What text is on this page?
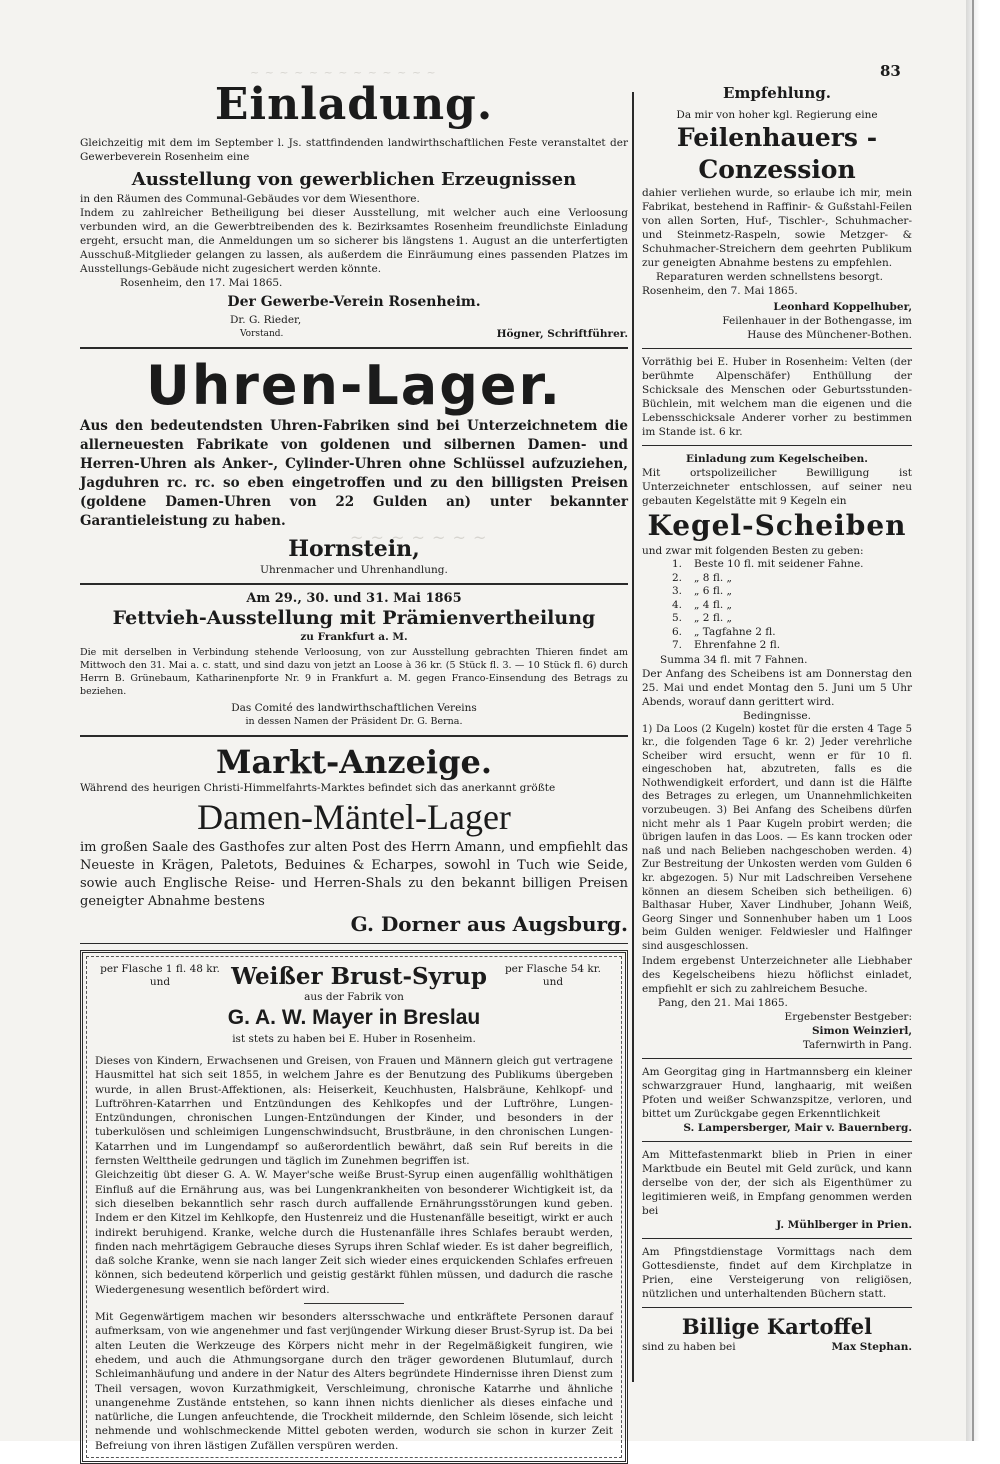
~ ~ ~ ~ ~ ~ ~ ~ ~ ~ ~ ~ ~
~ ~ ~ ~ ~ ~ ~
83
Einladung.
Gleichzeitig mit dem im September l. Js. stattfindenden landwirthschaftlichen Feste veranstaltet der Gewerbeverein Rosenheim eine
Ausstellung von gewerblichen Erzeugnissen
in den Räumen des Communal-Gebäudes vor dem Wiesenthore.
Indem zu zahlreicher Betheiligung bei dieser Ausstellung, mit welcher auch eine Verloosung verbunden wird, an die Gewerbtreibenden des k. Bezirksamtes Rosenheim freundlichste Einladung ergeht, ersucht man, die Anmeldungen um so sicherer bis längstens 1. August an die unterfertigten Ausschuß-Mitglieder gelangen zu lassen, als außerdem die Einräumung eines passenden Platzes im Ausstellungs-Gebäude nicht zugesichert werden könnte.
Rosenheim, den 17. Mai 1865.
Der Gewerbe-Verein Rosenheim.
Dr. G. Rieder,
Vorstand.	Högner, Schriftführer.
Uhren-Lager.
Aus den bedeutendsten Uhren-Fabriken sind bei Unterzeichnetem die allerneuesten Fabrikate von goldenen und silbernen Damen- und Herren-Uhren als Anker-, Cylinder-Uhren ohne Schlüssel aufzuziehen, Jagduhren rc. rc. so eben eingetroffen und zu den billigsten Preisen (goldene Damen-Uhren von 22 Gulden an) unter bekannter Garantieleistung zu haben.
Hornstein,
Uhrenmacher und Uhrenhandlung.
Am 29., 30. und 31. Mai 1865
Fettvieh-Ausstellung mit Prämienvertheilung
zu Frankfurt a. M.
Die mit derselben in Verbindung stehende Verloosung, von zur Ausstellung gebrachten Thieren findet am Mittwoch den 31. Mai a. c. statt, und sind dazu von jetzt an Loose à 36 kr. (5 Stück fl. 3. — 10 Stück fl. 6) durch Herrn B. Grünebaum, Katharinenpforte Nr. 9 in Frankfurt a. M. gegen Franco-Einsendung des Betrags zu beziehen.
Das Comité des landwirthschaftlichen Vereins
in dessen Namen der Präsident Dr. G. Berna.
Markt-Anzeige.
Während des heurigen Christi-Himmelfahrts-Marktes befindet sich das anerkannt größte
Damen-Mäntel-Lager
im großen Saale des Gasthofes zur alten Post des Herrn Amann, und empfiehlt das Neueste in Krägen, Paletots, Beduines & Echarpes, sowohl in Tuch wie Seide, sowie auch Englische Reise- und Herren-Shals zu den bekannt billigen Preisen geneigter Abnahme bestens
G. Dorner aus Augsburg.
per Flasche 1 fl. 48 kr.
und	Weißer Brust-Syrup	per Flasche 54 kr.
und
aus der Fabrik von
G. A. W. Mayer in Breslau
ist stets zu haben bei E. Huber in Rosenheim.
Dieses von Kindern, Erwachsenen und Greisen, von Frauen und Männern gleich gut vertragene Hausmittel hat sich seit 1855, in welchem Jahre es der Benutzung des Publikums übergeben wurde, in allen Brust-Affektionen, als: Heiserkeit, Keuchhusten, Halsbräune, Kehlkopf- und Luftröhren-Katarrhen und Entzündungen des Kehlkopfes und der Luftröhre, Lungen-Entzündungen, chronischen Lungen-Entzündungen der Kinder, und besonders in der tuberkulösen und schleimigen Lungenschwindsucht, Brustbräune, in den chronischen Lungen-Katarrhen und im Lungendampf so außerordentlich bewährt, daß sein Ruf bereits in die fernsten Welttheile gedrungen und täglich im Zunehmen begriffen ist.
Gleichzeitig übt dieser G. A. W. Mayer'sche weiße Brust-Syrup einen augenfällig wohlthätigen Einfluß auf die Ernährung aus, was bei Lungenkrankheiten von besonderer Wichtigkeit ist, da sich dieselben bekanntlich sehr rasch durch auffallende Ernährungsstörungen kund geben. Indem er den Kitzel im Kehlkopfe, den Hustenreiz und die Hustenanfälle beseitigt, wirkt er auch indirekt beruhigend. Kranke, welche durch die Hustenanfälle ihres Schlafes beraubt werden, finden nach mehrtägigem Gebrauche dieses Syrups ihren Schlaf wieder. Es ist daher begreiflich, daß solche Kranke, wenn sie nach langer Zeit sich wieder eines erquickenden Schlafes erfreuen können, sich bedeutend körperlich und geistig gestärkt fühlen müssen, und dadurch die rasche Wiedergenesung wesentlich befördert wird.
Mit Gegenwärtigem machen wir besonders altersschwache und entkräftete Personen darauf aufmerksam, von wie angenehmer und fast verjüngender Wirkung dieser Brust-Syrup ist. Da bei alten Leuten die Werkzeuge des Körpers nicht mehr in der Regelmäßigkeit fungiren, wie ehedem, und auch die Athmungsorgane durch den träger gewordenen Blutumlauf, durch Schleimanhäufung und andere in der Natur des Alters begründete Hindernisse ihren Dienst zum Theil versagen, wovon Kurzathmigkeit, Verschleimung, chronische Katarrhe und ähnliche unangenehme Zustände entstehen, so kann ihnen nichts dienlicher als dieses einfache und natürliche, die Lungen anfeuchtende, die Trockheit mildernde, den Schleim lösende, sich leicht nehmende und wohlschmeckende Mittel geboten werden, wodurch sie schon in kurzer Zeit Befreiung von ihren lästigen Zufällen verspüren werden.
Empfehlung.
Da mir von hoher kgl. Regierung eine
Feilenhauers - Conzession
dahier verliehen wurde, so erlaube ich mir, mein Fabrikat, bestehend in Raffinir- & Gußstahl-Feilen von allen Sorten, Huf-, Tischler-, Schuhmacher- und Steinmetz-Raspeln, sowie Metzger- & Schuhmacher-Streichern dem geehrten Publikum zur geneigten Abnahme bestens zu empfehlen.
Reparaturen werden schnellstens besorgt.
Rosenheim, den 7. Mai 1865.
Leonhard Koppelhuber,
Feilenhauer in der Bothengasse, im
Hause des Münchener-Bothen.
Vorräthig bei E. Huber in Rosenheim: Velten (der berühmte Alpenschäfer) Enthüllung der Schicksale des Menschen oder Geburtsstunden-Büchlein, mit welchem man die eigenen und die Lebensschicksale Anderer vorher zu bestimmen im Stande ist. 6 kr.
Einladung zum Kegelscheiben.
Mit ortspolizeilicher Bewilligung ist Unterzeichneter entschlossen, auf seiner neu gebauten Kegelstätte mit 9 Kegeln ein
Kegel-Scheiben
und zwar mit folgenden Besten zu geben:
1.	Beste 10 fl. mit seidener Fahne.
2.	„ 8 fl. „
3.	„ 6 fl. „
4.	„ 4 fl. „
5.	„ 2 fl. „
6.	„ Tagfahne 2 fl.
7.	Ehrenfahne 2 fl.
Summa 34 fl. mit 7 Fahnen.
Der Anfang des Scheibens ist am Donnerstag den 25. Mai und endet Montag den 5. Juni um 5 Uhr Abends, worauf dann gerittert wird.
Bedingnisse.
1) Da Loos (2 Kugeln) kostet für die ersten 4 Tage 5 kr., die folgenden Tage 6 kr. 2) Jeder verehrliche Scheiber wird ersucht, wenn er für 10 fl. eingeschoben hat, abzutreten, falls es die Nothwendigkeit erfordert, und dann ist die Hälfte des Betrages zu erlegen, um Unannehmlichkeiten vorzubeugen. 3) Bei Anfang des Scheibens dürfen nicht mehr als 1 Paar Kugeln probirt werden; die übrigen laufen in das Loos. — Es kann trocken oder naß und nach Belieben nachgeschoben werden. 4) Zur Bestreitung der Unkosten werden vom Gulden 6 kr. abgezogen. 5) Nur mit Ladschreiben Versehene können an diesem Scheiben sich betheiligen. 6) Balthasar Huber, Xaver Lindhuber, Johann Weiß, Georg Singer und Sonnenhuber haben um 1 Loos beim Gulden weniger. Feldwiesler und Halfinger sind ausgeschlossen.
Indem ergebenst Unterzeichneter alle Liebhaber des Kegelscheibens hiezu höflichst einladet, empfiehlt er sich zu zahlreichem Besuche.
Pang, den 21. Mai 1865.
Ergebenster Bestgeber:
Simon Weinzierl,
Tafernwirth in Pang.
Am Georgitag ging in Hartmannsberg ein kleiner schwarzgrauer Hund, langhaarig, mit weißen Pfoten und weißer Schwanzspitze, verloren, und bittet um Zurückgabe gegen Erkenntlichkeit
S. Lampersberger, Mair v. Bauernberg.
Am Mittefastenmarkt blieb in Prien in einer Marktbude ein Beutel mit Geld zurück, und kann derselbe von der, der sich als Eigenthümer zu legitimieren weiß, in Empfang genommen werden bei
J. Mühlberger in Prien.
Am Pfingstdienstage Vormittags nach dem Gottesdienste, findet auf dem Kirchplatze in Prien, eine Versteigerung von religiösen, nützlichen und unterhaltenden Büchern statt.
Billige Kartoffel
sind zu haben bei	Max Stephan.
